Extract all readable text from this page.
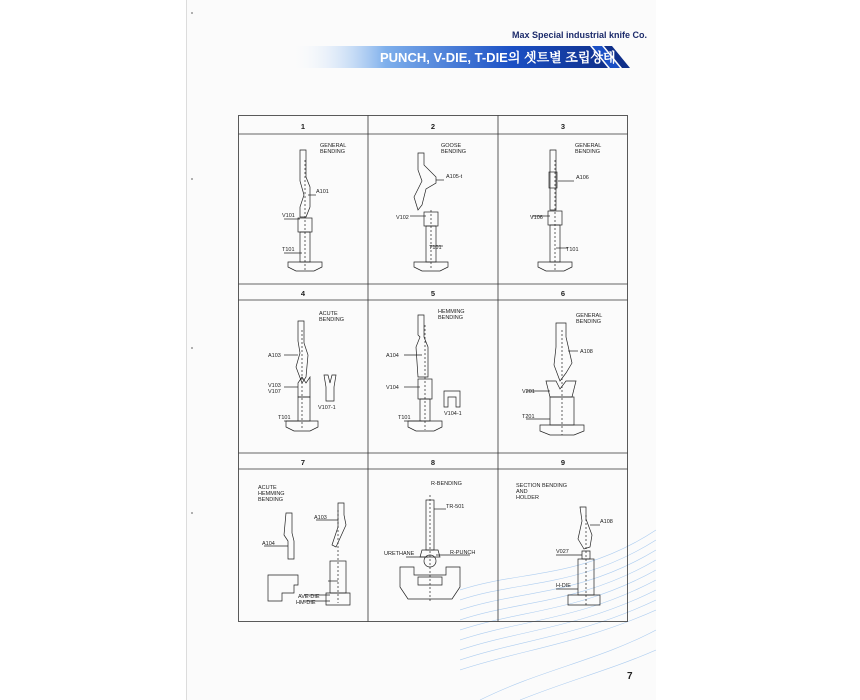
Max Special industrial knife Co.
PUNCH, V-DIE, T-DIE의 셋트별 조립상태
1	2	3
4	5	6
7	8	9
GENERAL
BENDING
A101
V101
T101
GOOSE
BENDING
A105-t
V102
T101
GENERAL
BENDING
A106
V106
T101
ACUTE
BENDING
A103
V103
V107
V107-1
T101
HEMMING
BENDING
A104
V104
V104-1
T101
GENERAL
BENDING
A108
V201
T201
ACUTE
HEMMING
BENDING
A104
A103
AVE-DIE
HM-DIE
R-BENDING
TR-501
URETHANE	R-PUNCH
SECTION BENDING
AND
HOLDER
A108
V027
H-DIE
7
